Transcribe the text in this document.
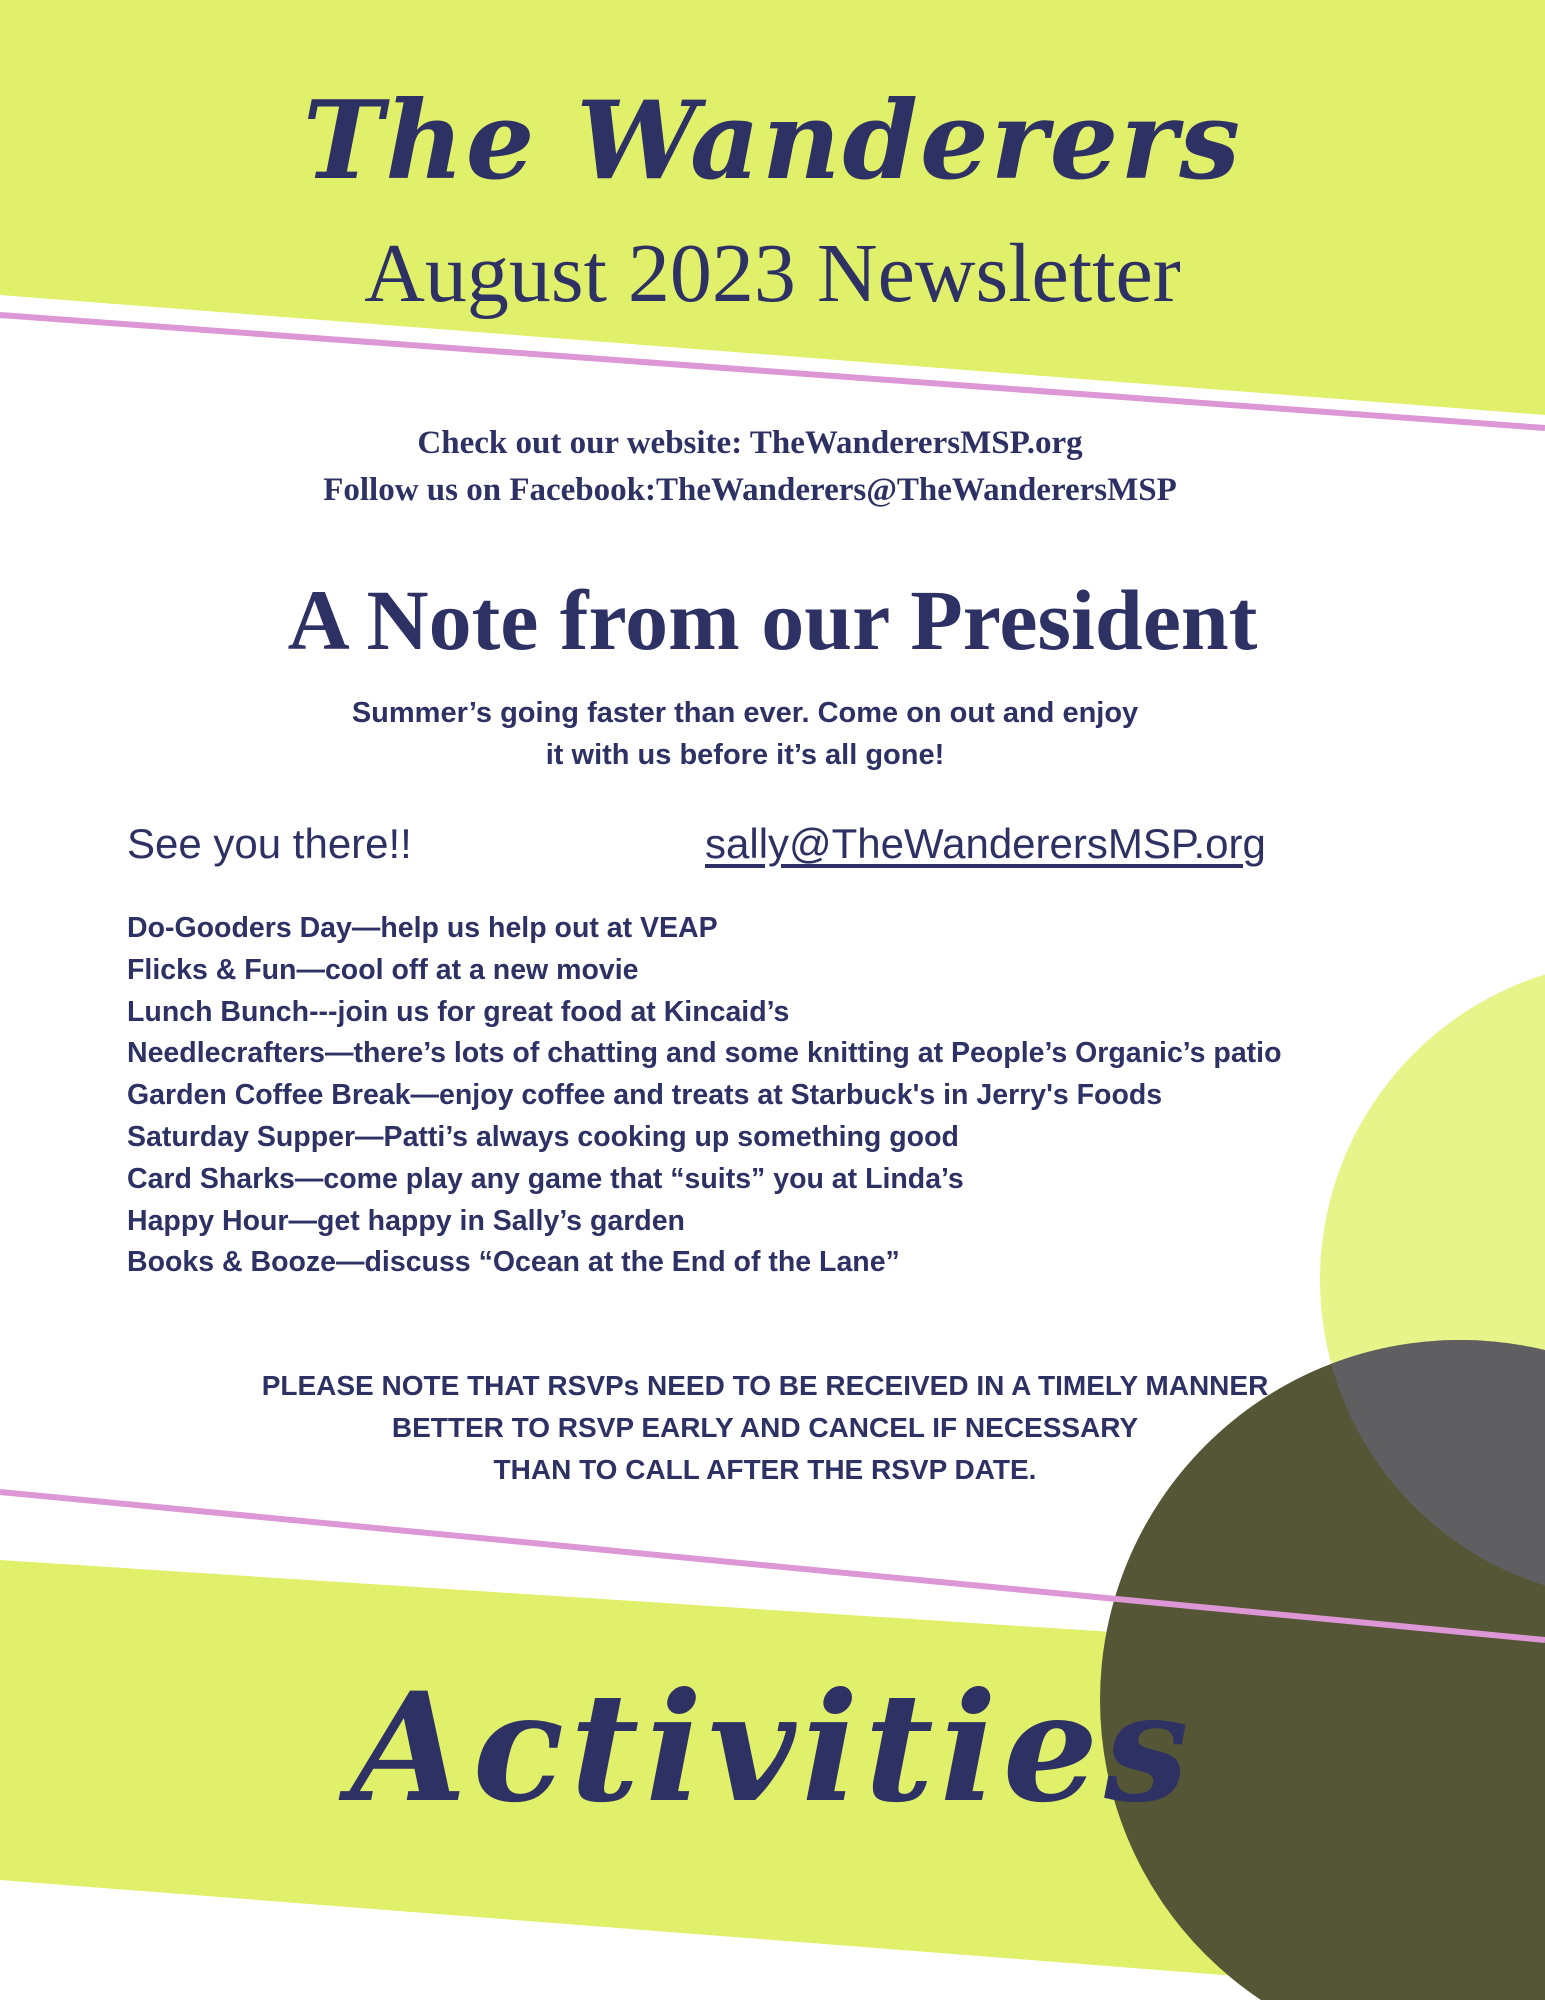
The Wanderers
August 2023 Newsletter
Check out our website: TheWanderersMSP.org
Follow us on Facebook:TheWanderers@TheWanderersMSP
A Note from our President
Summer’s going faster than ever. Come on out and enjoy
it with us before it’s all gone!
See you there!!	sally@TheWanderersMSP.org
Do-Gooders Day—help us help out at VEAP
Flicks & Fun—cool off at a new movie
Lunch Bunch---join us for great food at Kincaid’s
Needlecrafters—there’s lots of chatting and some knitting at People’s Organic’s patio
Garden Coffee Break—enjoy coffee and treats at Starbuck's in Jerry's Foods
Saturday Supper—Patti’s always cooking up something good
Card Sharks—come play any game that “suits” you at Linda’s
Happy Hour—get happy in Sally’s garden
Books & Booze—discuss “Ocean at the End of the Lane”
PLEASE NOTE THAT RSVPs NEED TO BE RECEIVED IN A TIMELY MANNER
BETTER TO RSVP EARLY AND CANCEL IF NECESSARY
THAN TO CALL AFTER THE RSVP DATE.
Activities
